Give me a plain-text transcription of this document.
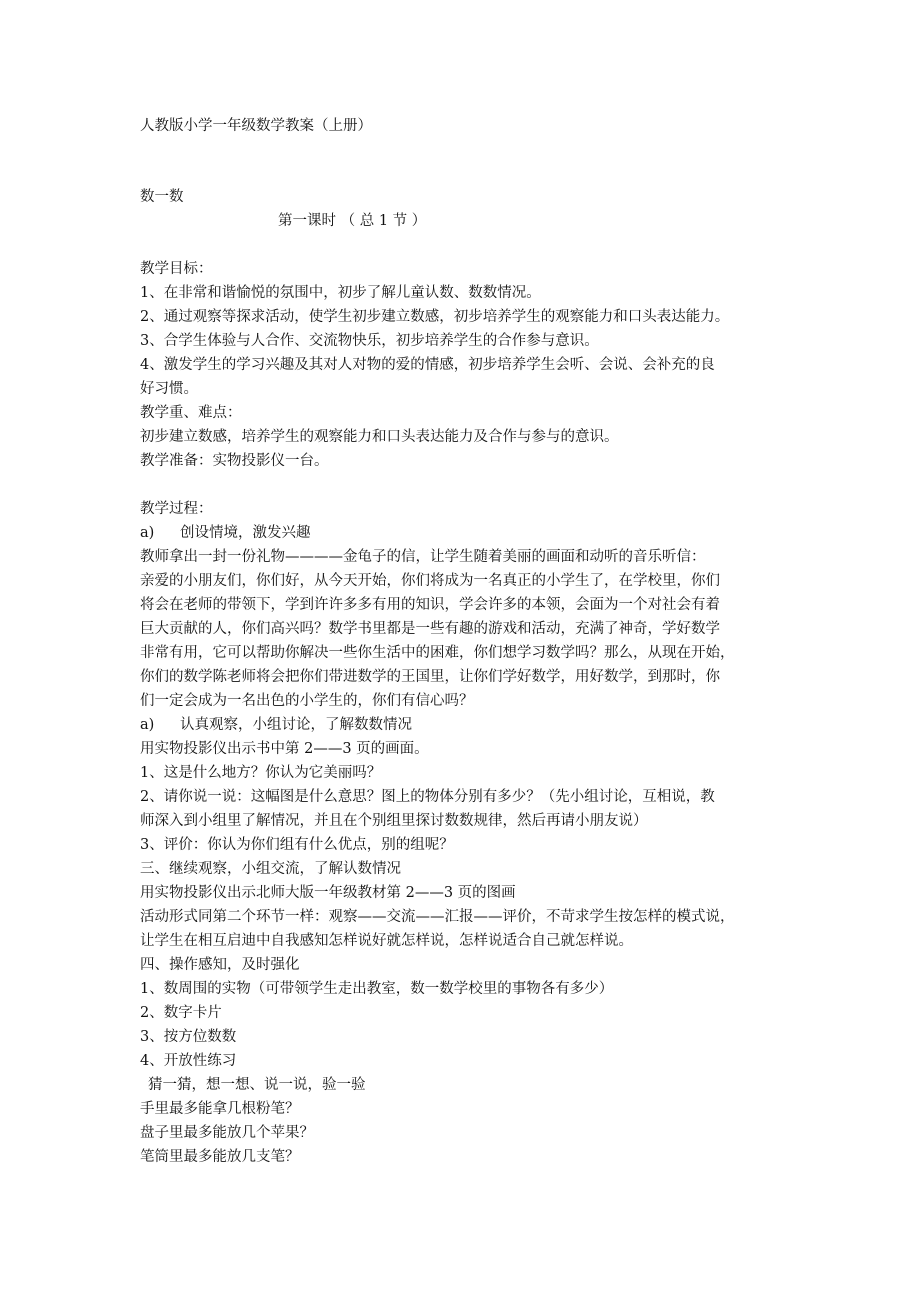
人教版小学一年级数学教案（上册）
数一数
第一课时 （ 总 1 节 ）
教学目标：
1、在非常和谐愉悦的氛围中，初步了解儿童认数、数数情况。
2、通过观察等探求活动，使学生初步建立数感，初步培养学生的观察能力和口头表达能力。
3、合学生体验与人合作、交流物快乐，初步培养学生的合作参与意识。
4、激发学生的学习兴趣及其对人对物的爱的情感，初步培养学生会听、会说、会补充的良
好习惯。
教学重、难点：
初步建立数感，培养学生的观察能力和口头表达能力及合作与参与的意识。
教学准备：实物投影仪一台。
教学过程：
a) 创设情境，激发兴趣
教师拿出一封一份礼物————金龟子的信，让学生随着美丽的画面和动听的音乐听信：
亲爱的小朋友们，你们好，从今天开始，你们将成为一名真正的小学生了，在学校里，你们
将会在老师的带领下，学到许许多多有用的知识，学会许多的本领，会面为一个对社会有着
巨大贡献的人，你们高兴吗？数学书里都是一些有趣的游戏和活动，充满了神奇，学好数学
非常有用，它可以帮助你解决一些你生活中的困难，你们想学习数学吗？那么，从现在开始，
你们的数学陈老师将会把你们带进数学的王国里，让你们学好数学，用好数学，到那时，你
们一定会成为一名出色的小学生的，你们有信心吗？
a) 认真观察，小组讨论，了解数数情况
用实物投影仪出示书中第 2——3 页的画面。
1、这是什么地方？你认为它美丽吗？
2、请你说一说：这幅图是什么意思？图上的物体分别有多少？（先小组讨论，互相说，教
师深入到小组里了解情况，并且在个别组里探讨数数规律，然后再请小朋友说）
3、评价：你认为你们组有什么优点，别的组呢？
三、继续观察，小组交流，了解认数情况
用实物投影仪出示北师大版一年级教材第 2——3 页的图画
活动形式同第二个环节一样：观察——交流——汇报——评价，不苛求学生按怎样的模式说，
让学生在相互启迪中自我感知怎样说好就怎样说，怎样说适合自己就怎样说。
四、操作感知，及时强化
1、数周围的实物（可带领学生走出教室，数一数学校里的事物各有多少）
2、数字卡片
3、按方位数数
4、开放性练习
猜一猜，想一想、说一说，验一验
手里最多能拿几根粉笔？
盘子里最多能放几个苹果？
笔筒里最多能放几支笔？
